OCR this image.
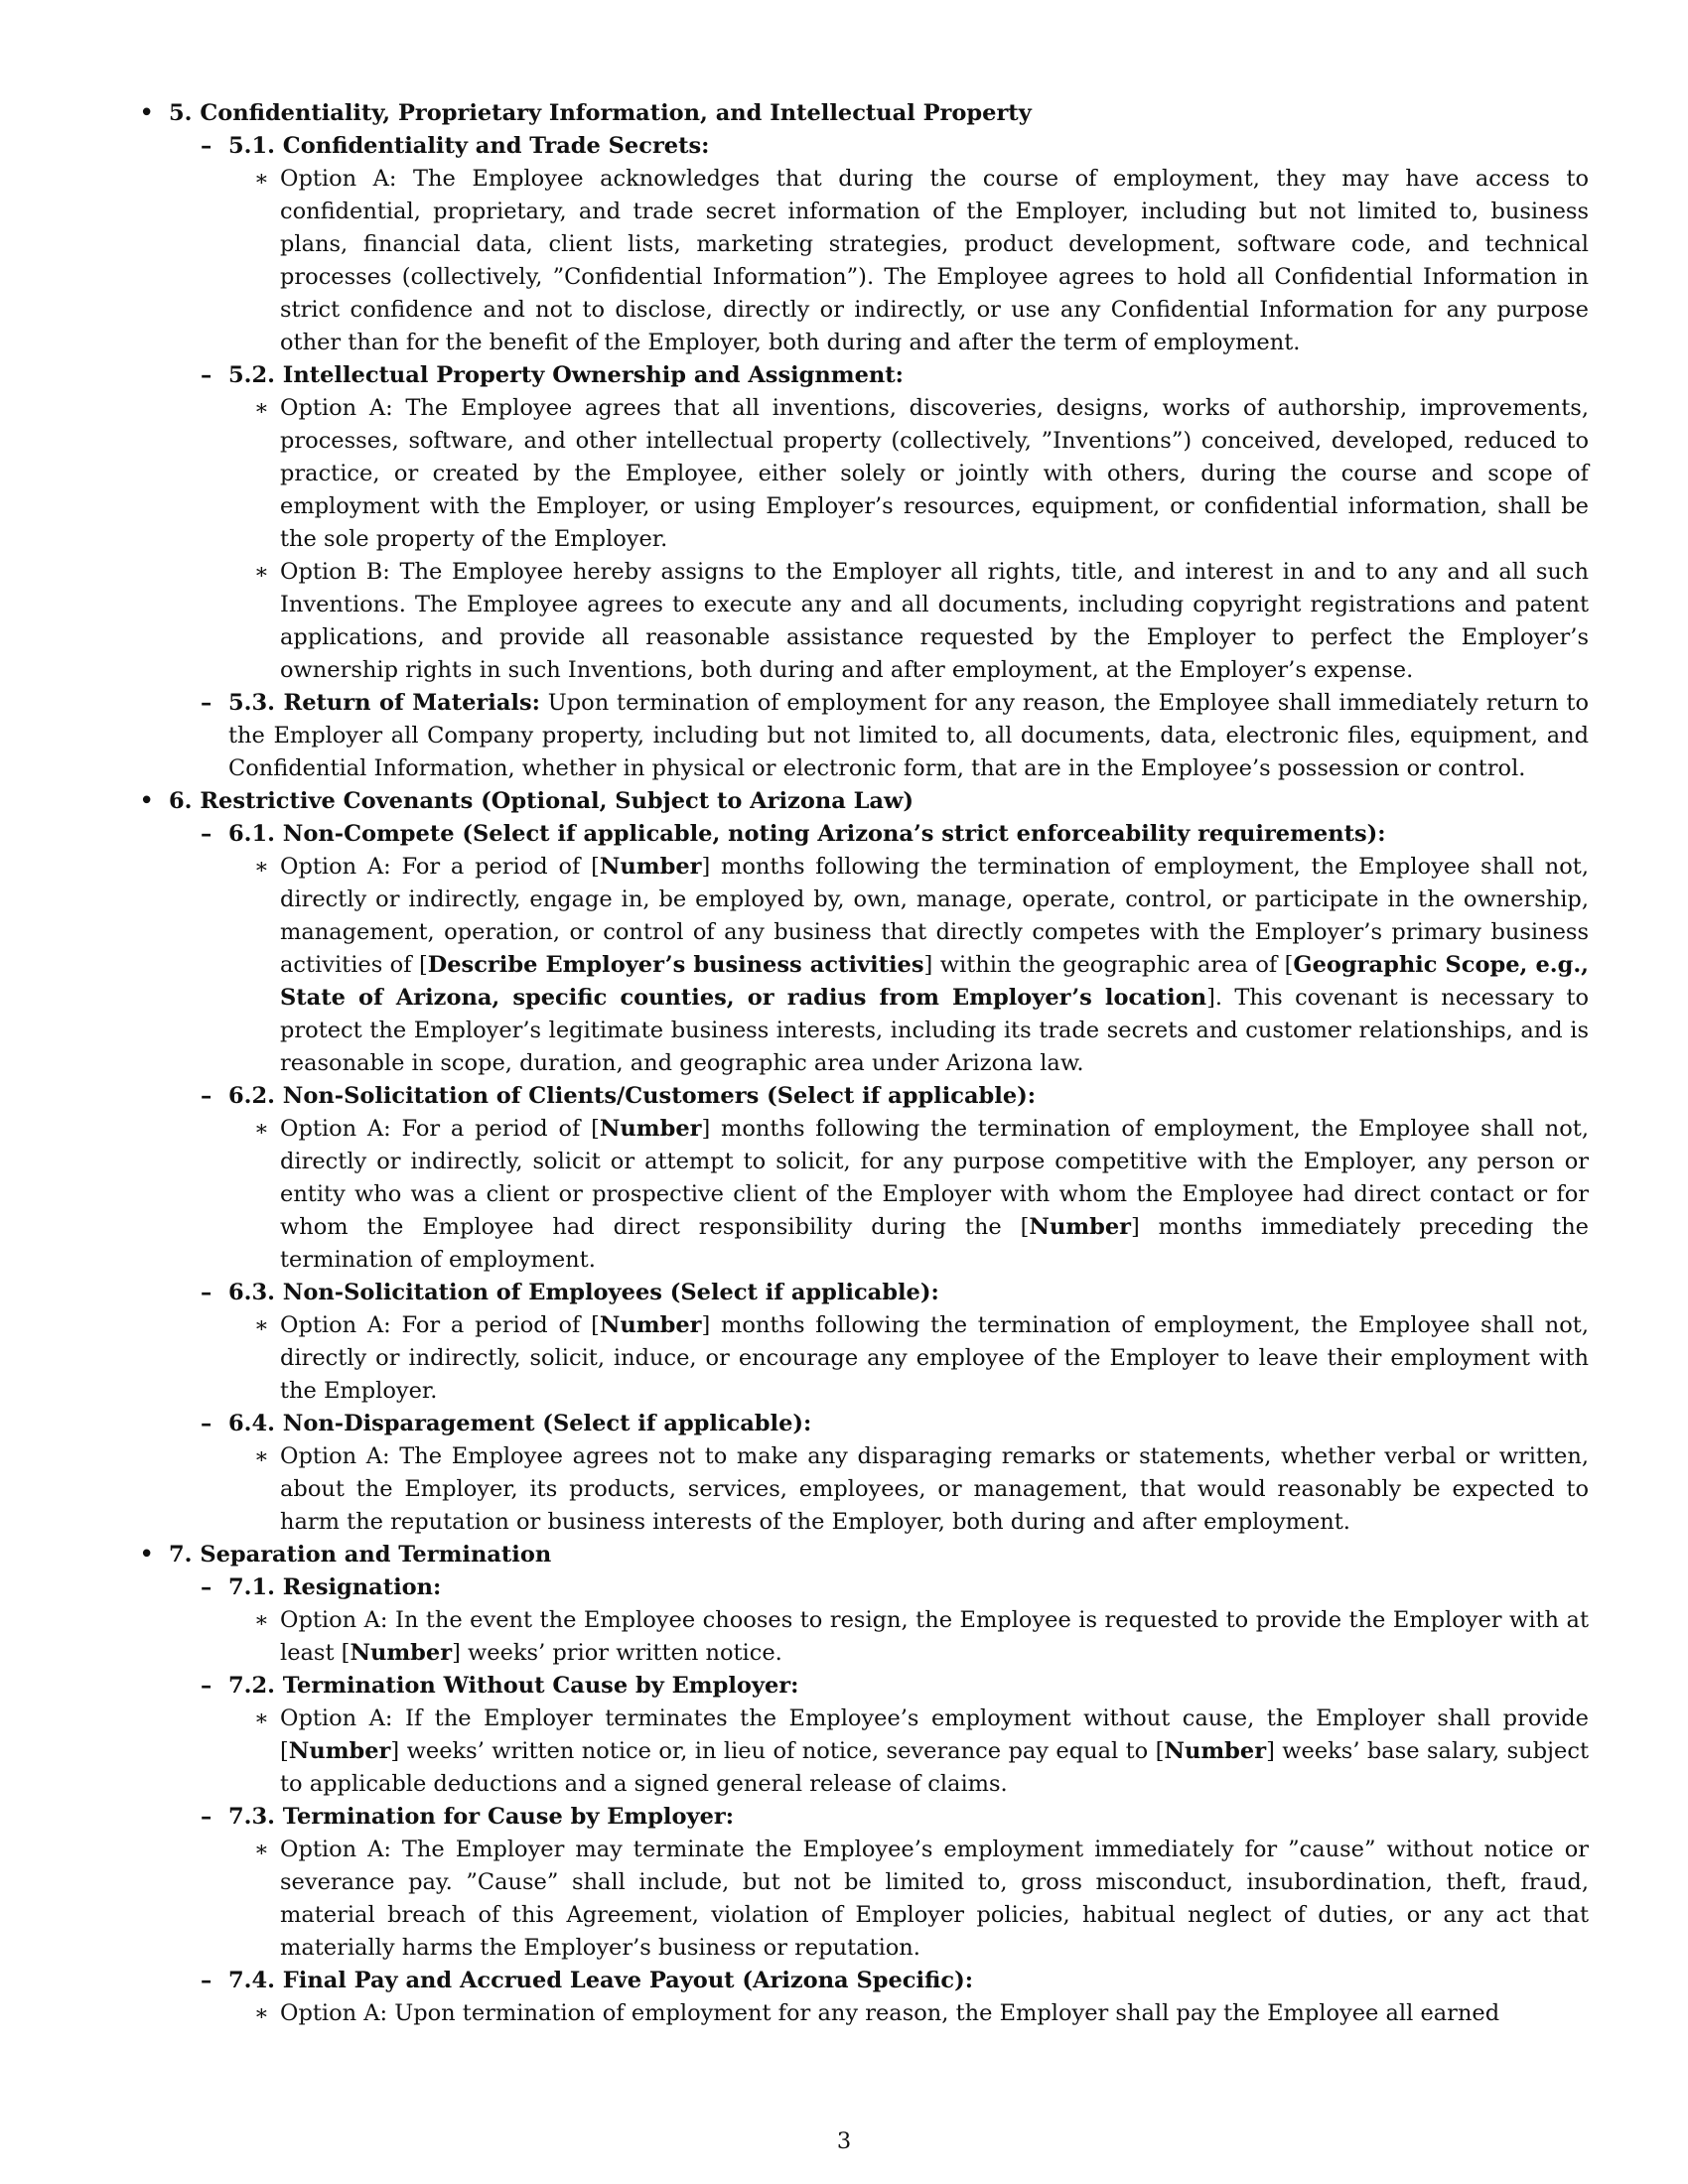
• 5. Confidentiality, Proprietary Information, and Intellectual Property
– 5.1. Confidentiality and Trade Secrets:
∗ Option A: The Employee acknowledges that during the course of employment, they may have access to confidential, proprietary, and trade secret information of the Employer, including but not limited to, business plans, financial data, client lists, marketing strategies, product development, software code, and technical processes (collectively, ”Confidential Information”). The Employee agrees to hold all Confidential Information in strict confidence and not to disclose, directly or indirectly, or use any Confidential Information for any purpose other than for the benefit of the Employer, both during and after the term of employment.
– 5.2. Intellectual Property Ownership and Assignment:
∗ Option A: The Employee agrees that all inventions, discoveries, designs, works of authorship, improvements, processes, software, and other intellectual property (collectively, ”Inventions”) conceived, developed, reduced to practice, or created by the Employee, either solely or jointly with others, during the course and scope of employment with the Employer, or using Employer’s resources, equipment, or confidential information, shall be the sole property of the Employer.
∗ Option B: The Employee hereby assigns to the Employer all rights, title, and interest in and to any and all such Inventions. The Employee agrees to execute any and all documents, including copyright registrations and patent applications, and provide all reasonable assistance requested by the Employer to perfect the Employer’s ownership rights in such Inventions, both during and after employment, at the Employer’s expense.
– 5.3. Return of Materials: Upon termination of employment for any reason, the Employee shall immediately return to the Employer all Company property, including but not limited to, all documents, data, electronic files, equipment, and Confidential Information, whether in physical or electronic form, that are in the Employee’s possession or control.
• 6. Restrictive Covenants (Optional, Subject to Arizona Law)
– 6.1. Non-Compete (Select if applicable, noting Arizona’s strict enforceability requirements):
∗ Option A: For a period of [Number] months following the termination of employment, the Employee shall not, directly or indirectly, engage in, be employed by, own, manage, operate, control, or participate in the ownership, management, operation, or control of any business that directly competes with the Employer’s primary business activities of [Describe Employer’s business activities] within the geographic area of [Geographic Scope, e.g., State of Arizona, specific counties, or radius from Employer’s location]. This covenant is necessary to protect the Employer’s legitimate business interests, including its trade secrets and customer relationships, and is reasonable in scope, duration, and geographic area under Arizona law.
– 6.2. Non-Solicitation of Clients/Customers (Select if applicable):
∗ Option A: For a period of [Number] months following the termination of employment, the Employee shall not, directly or indirectly, solicit or attempt to solicit, for any purpose competitive with the Employer, any person or entity who was a client or prospective client of the Employer with whom the Employee had direct contact or for whom the Employee had direct responsibility during the [Number] months immediately preceding the termination of employment.
– 6.3. Non-Solicitation of Employees (Select if applicable):
∗ Option A: For a period of [Number] months following the termination of employment, the Employee shall not, directly or indirectly, solicit, induce, or encourage any employee of the Employer to leave their employment with the Employer.
– 6.4. Non-Disparagement (Select if applicable):
∗ Option A: The Employee agrees not to make any disparaging remarks or statements, whether verbal or written, about the Employer, its products, services, employees, or management, that would reasonably be expected to harm the reputation or business interests of the Employer, both during and after employment.
• 7. Separation and Termination
– 7.1. Resignation:
∗ Option A: In the event the Employee chooses to resign, the Employee is requested to provide the Employer with at least [Number] weeks’ prior written notice.
– 7.2. Termination Without Cause by Employer:
∗ Option A: If the Employer terminates the Employee’s employment without cause, the Employer shall provide [Number] weeks’ written notice or, in lieu of notice, severance pay equal to [Number] weeks’ base salary, subject to applicable deductions and a signed general release of claims.
– 7.3. Termination for Cause by Employer:
∗ Option A: The Employer may terminate the Employee’s employment immediately for ”cause” without notice or severance pay. ”Cause” shall include, but not be limited to, gross misconduct, insubordination, theft, fraud, material breach of this Agreement, violation of Employer policies, habitual neglect of duties, or any act that materially harms the Employer’s business or reputation.
– 7.4. Final Pay and Accrued Leave Payout (Arizona Specific):
∗ Option A: Upon termination of employment for any reason, the Employer shall pay the Employee all earned
3
